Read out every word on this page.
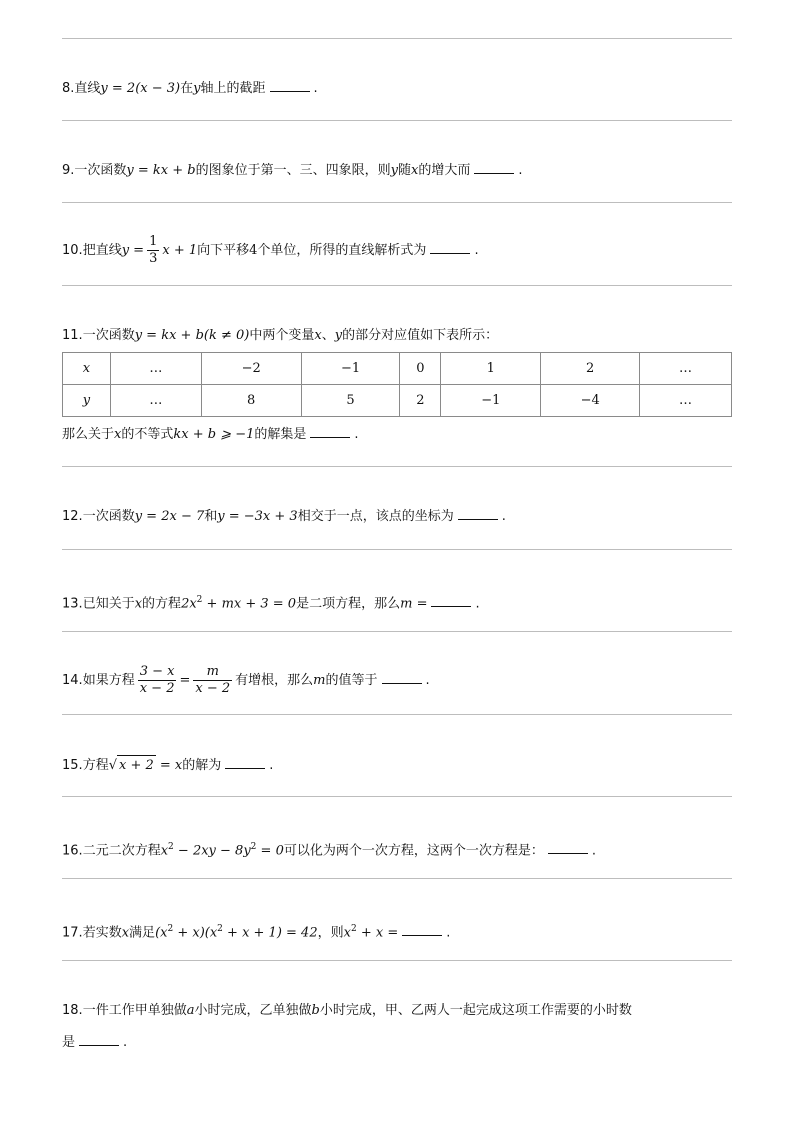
8.直线y = 2(x − 3)在y轴上的截距	.
9.一次函数y = kx + b的图象位于第一、三、四象限，则y随x的增大而	.
10.把直线$y = \frac{1}{3}$ x + 1向下平移4个单位，所得的直线解析式为	.
11.一次函数y = kx + b(k ≠ 0)中两个变量x、y的部分对应值如下表所示：
x	…	−2	−1	0	1	2	…
y	…	8	5	2	−1	−4	…
那么关于x的不等式kx + b ⩾ −1的解集是	.
12.一次函数y = 2x − 7和y = −3x + 3相交于一点，该点的坐标为	.
13.已知关于x的方程$2x^2$ + mx + 3 = 0是二项方程，那么m =	.
14.如果方程 $\frac{3 - x}{x - 2} = \frac{m}{x - 2}$ 有增根，那么m的值等于	.
15.方程√ x + 2 = x的解为	.
16.二元二次方程$x^2 - 2xy - 8y^2 = 0$可以化为两个一次方程，这两个一次方程是：	.
17.若实数x满足$(x^2 + x)(x^2 + x + 1) = 42$，则$x^2 + x$ =	.
18.一件工作甲单独做a小时完成，乙单独做b小时完成，甲、乙两人一起完成这项工作需要的小时数
是	.
